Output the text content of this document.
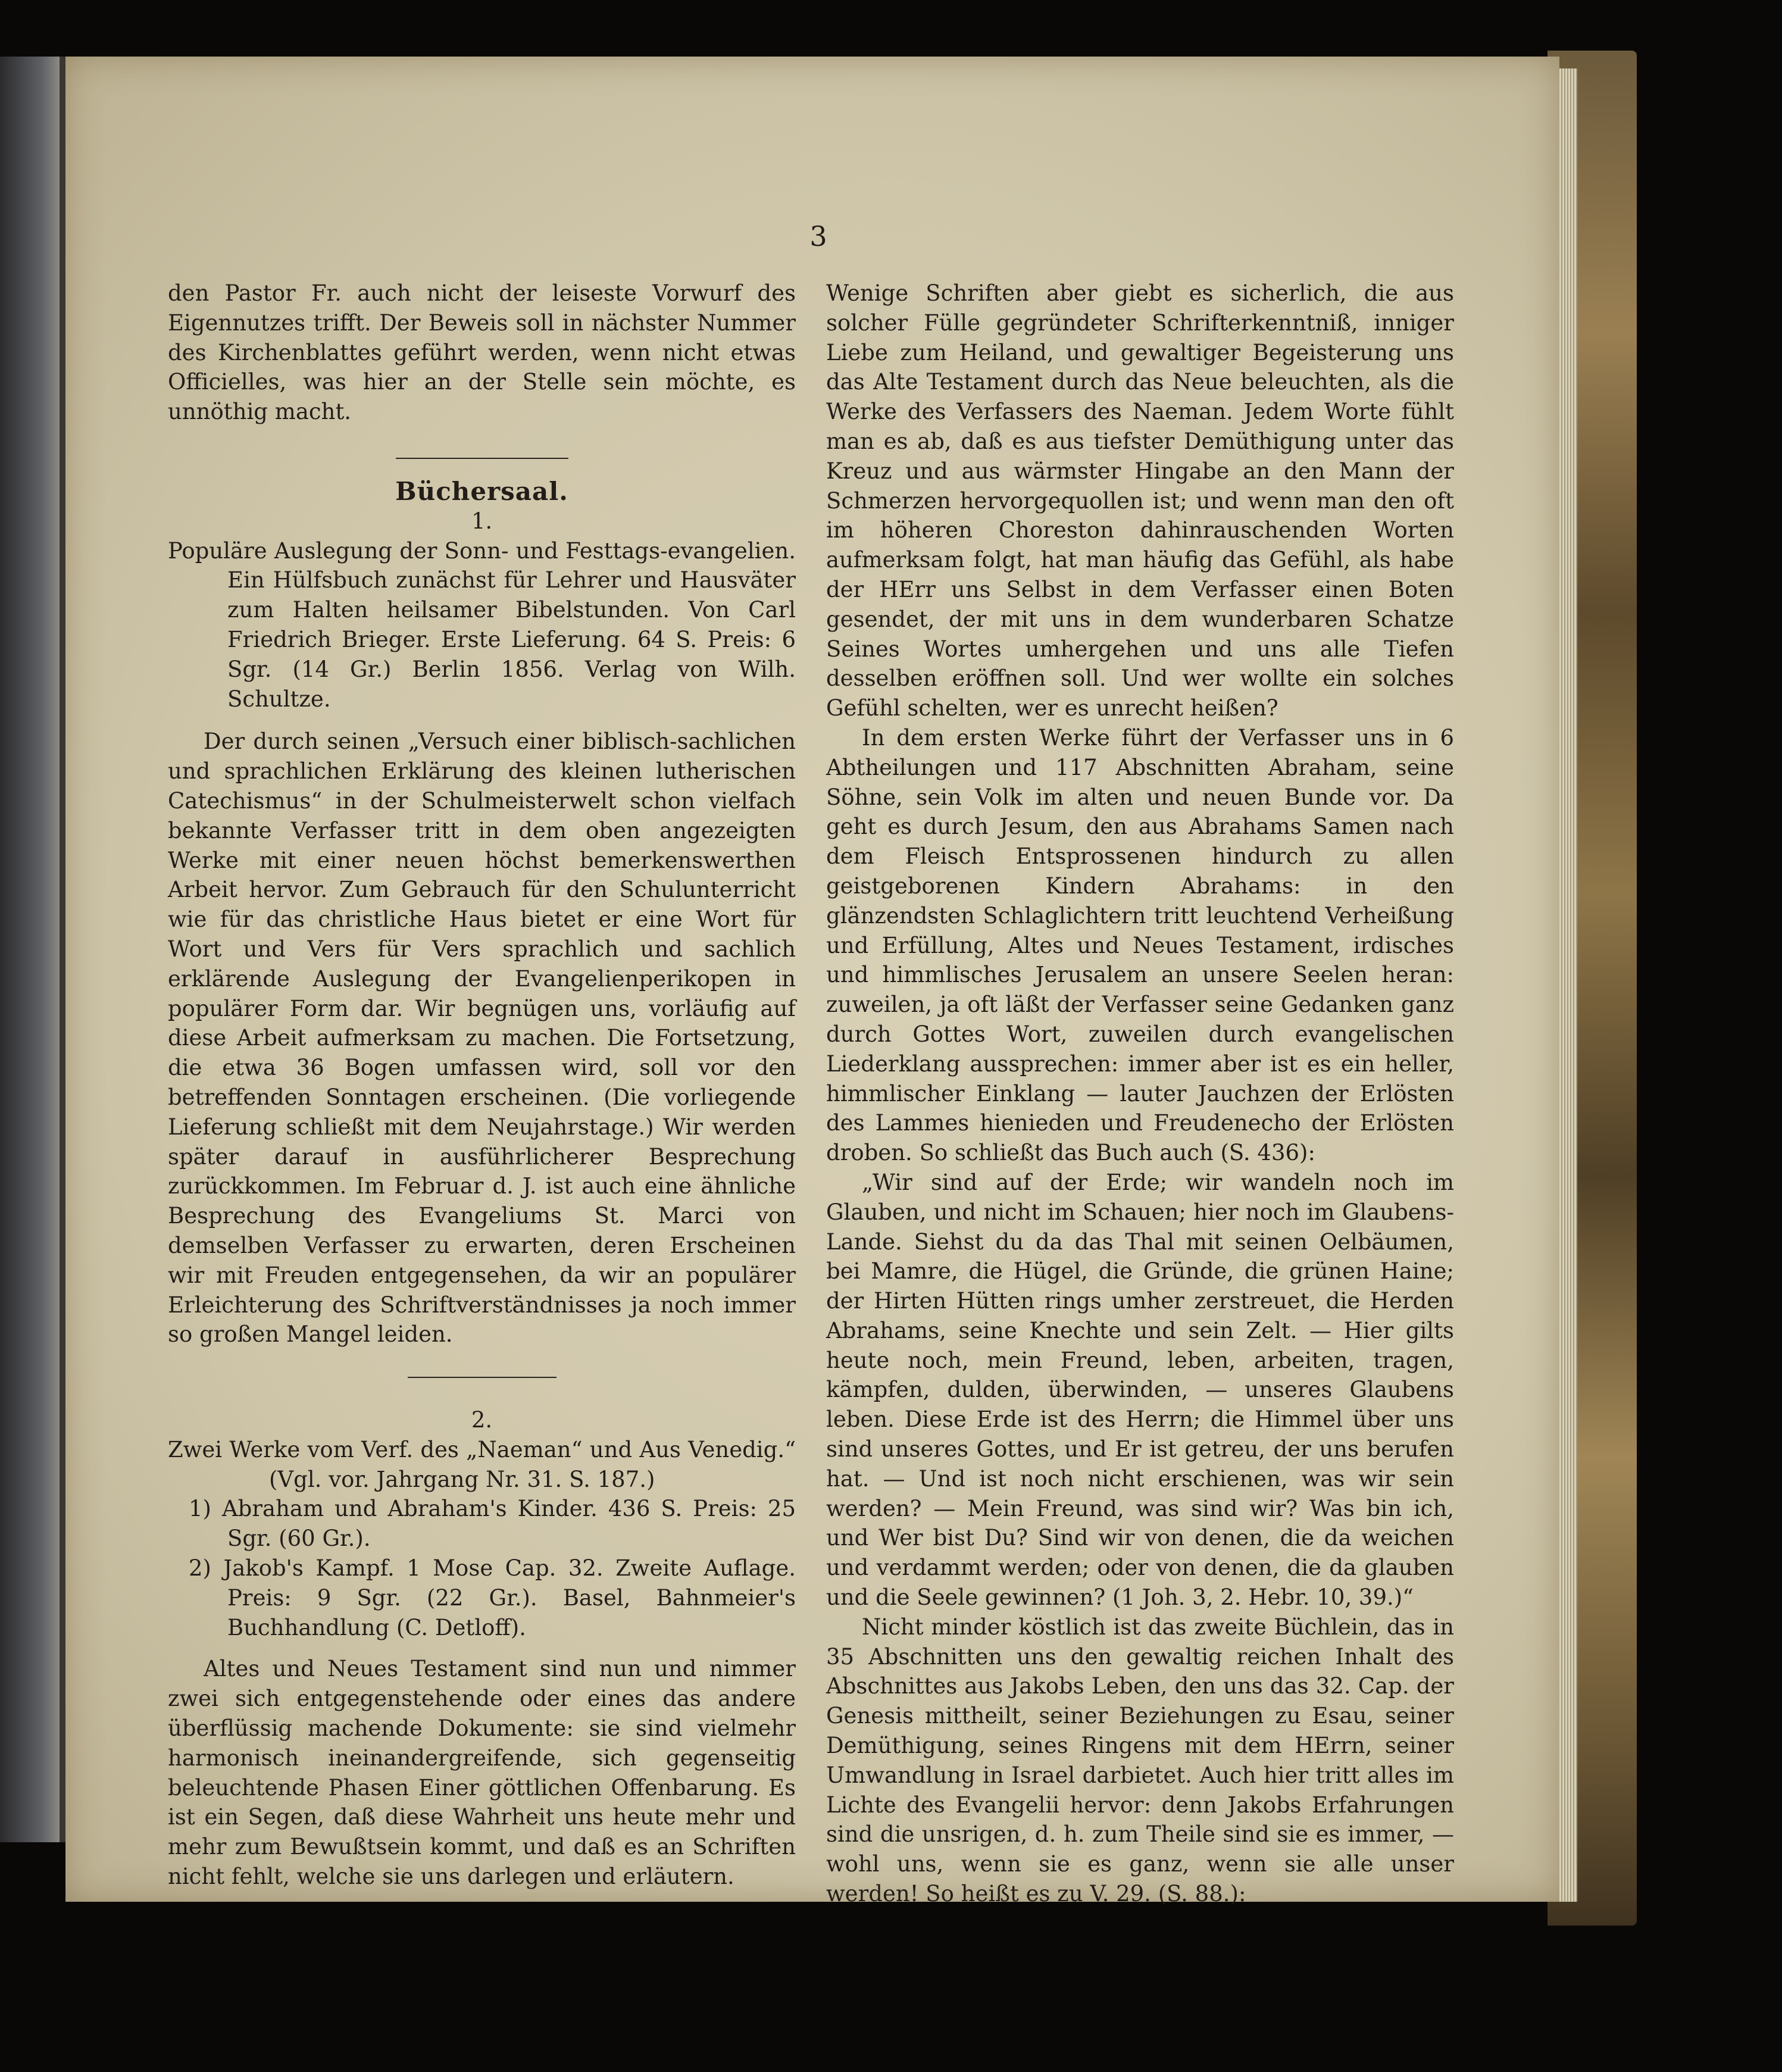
3

den Pastor Fr. auch nicht der leiseste Vorwurf des Eigennutzes trifft. Der Beweis soll in nächster Nummer des Kirchenblattes geführt werden, wenn nicht etwas Officielles, was hier an der Stelle sein möchte, es unnöthig macht.

Büchersaal.

1.

Populäre Auslegung der Sonn- und Festtags-evangelien. Ein Hülfsbuch zunächst für Lehrer und Hausväter zum Halten heilsamer Bibelstunden. Von Carl Friedrich Brieger. Erste Lieferung. 64 S. Preis: 6 Sgr. (14 Gr.) Berlin 1856. Verlag von Wilh. Schultze.

Der durch seinen „Versuch einer biblisch-sachlichen und sprachlichen Erklärung des kleinen lutherischen Catechismus“ in der Schulmeisterwelt schon vielfach bekannte Verfasser tritt in dem oben angezeigten Werke mit einer neuen höchst bemerkenswerthen Arbeit hervor. Zum Gebrauch für den Schulunterricht wie für das christliche Haus bietet er eine Wort für Wort und Vers für Vers sprachlich und sachlich erklärende Auslegung der Evangelienperikopen in populärer Form dar. Wir begnügen uns, vorläufig auf diese Arbeit aufmerksam zu machen. Die Fortsetzung, die etwa 36 Bogen umfassen wird, soll vor den betreffenden Sonntagen erscheinen. (Die vorliegende Lieferung schließt mit dem Neujahrstage.) Wir werden später darauf in ausführlicherer Besprechung zurückkommen. Im Februar d. J. ist auch eine ähnliche Besprechung des Evangeliums St. Marci von demselben Verfasser zu erwarten, deren Erscheinen wir mit Freuden entgegensehen, da wir an populärer Erleichterung des Schriftverständnisses ja noch immer so großen Mangel leiden.

2.

Zwei Werke vom Verf. des „Naeman“ und Aus Venedig.“ (Vgl. vor. Jahrgang Nr. 31. S. 187.)

1) Abraham und Abraham's Kinder. 436 S. Preis: 25 Sgr. (60 Gr.).

2) Jakob's Kampf. 1 Mose Cap. 32. Zweite Auflage. Preis: 9 Sgr. (22 Gr.). Basel, Bahnmeier's Buchhandlung (C. Detloff).

Altes und Neues Testament sind nun und nimmer zwei sich entgegenstehende oder eines das andere überflüssig machende Dokumente: sie sind vielmehr harmonisch ineinandergreifende, sich gegenseitig beleuchtende Phasen Einer göttlichen Offenbarung. Es ist ein Segen, daß diese Wahrheit uns heute mehr und mehr zum Bewußtsein kommt, und daß es an Schriften nicht fehlt, welche sie uns darlegen und erläutern.

Wenige Schriften aber giebt es sicherlich, die aus solcher Fülle gegründeter Schrifterkenntniß, inniger Liebe zum Heiland, und gewaltiger Begeisterung uns das Alte Testament durch das Neue beleuchten, als die Werke des Verfassers des Naeman. Jedem Worte fühlt man es ab, daß es aus tiefster Demüthigung unter das Kreuz und aus wärmster Hingabe an den Mann der Schmerzen hervorgequollen ist; und wenn man den oft im höheren Choreston dahinrauschenden Worten aufmerksam folgt, hat man häufig das Gefühl, als habe der HErr uns Selbst in dem Verfasser einen Boten gesendet, der mit uns in dem wunderbaren Schatze Seines Wortes umhergehen und uns alle Tiefen desselben eröffnen soll. Und wer wollte ein solches Gefühl schelten, wer es unrecht heißen?

In dem ersten Werke führt der Verfasser uns in 6 Abtheilungen und 117 Abschnitten Abraham, seine Söhne, sein Volk im alten und neuen Bunde vor. Da geht es durch Jesum, den aus Abrahams Samen nach dem Fleisch Entsprossenen hindurch zu allen geistgeborenen Kindern Abrahams: in den glänzendsten Schlaglichtern tritt leuchtend Verheißung und Erfüllung, Altes und Neues Testament, irdisches und himmlisches Jerusalem an unsere Seelen heran: zuweilen, ja oft läßt der Verfasser seine Gedanken ganz durch Gottes Wort, zuweilen durch evangelischen Liederklang aussprechen: immer aber ist es ein heller, himmlischer Einklang — lauter Jauchzen der Erlösten des Lammes hienieden und Freudenecho der Erlösten droben. So schließt das Buch auch (S. 436):

„Wir sind auf der Erde; wir wandeln noch im Glauben, und nicht im Schauen; hier noch im Glaubens-Lande. Siehst du da das Thal mit seinen Oelbäumen, bei Mamre, die Hügel, die Gründe, die grünen Haine; der Hirten Hütten rings umher zerstreuet, die Herden Abrahams, seine Knechte und sein Zelt. — Hier gilts heute noch, mein Freund, leben, arbeiten, tragen, kämpfen, dulden, überwinden, — unseres Glaubens leben. Diese Erde ist des Herrn; die Himmel über uns sind unseres Gottes, und Er ist getreu, der uns berufen hat. — Und ist noch nicht erschienen, was wir sein werden? — Mein Freund, was sind wir? Was bin ich, und Wer bist Du? Sind wir von denen, die da weichen und verdammt werden; oder von denen, die da glauben und die Seele gewinnen? (1 Joh. 3, 2. Hebr. 10, 39.)“

Nicht minder köstlich ist das zweite Büchlein, das in 35 Abschnitten uns den gewaltig reichen Inhalt des Abschnittes aus Jakobs Leben, den uns das 32. Cap. der Genesis mittheilt, seiner Beziehungen zu Esau, seiner Demüthigung, seines Ringens mit dem HErrn, seiner Umwandlung in Israel darbietet. Auch hier tritt alles im Lichte des Evangelii hervor: denn Jakobs Erfahrungen sind die unsrigen, d. h. zum Theile sind sie es immer, — wohl uns, wenn sie es ganz, wenn sie alle unser werden! So heißt es zu V. 29. (S. 88.):
